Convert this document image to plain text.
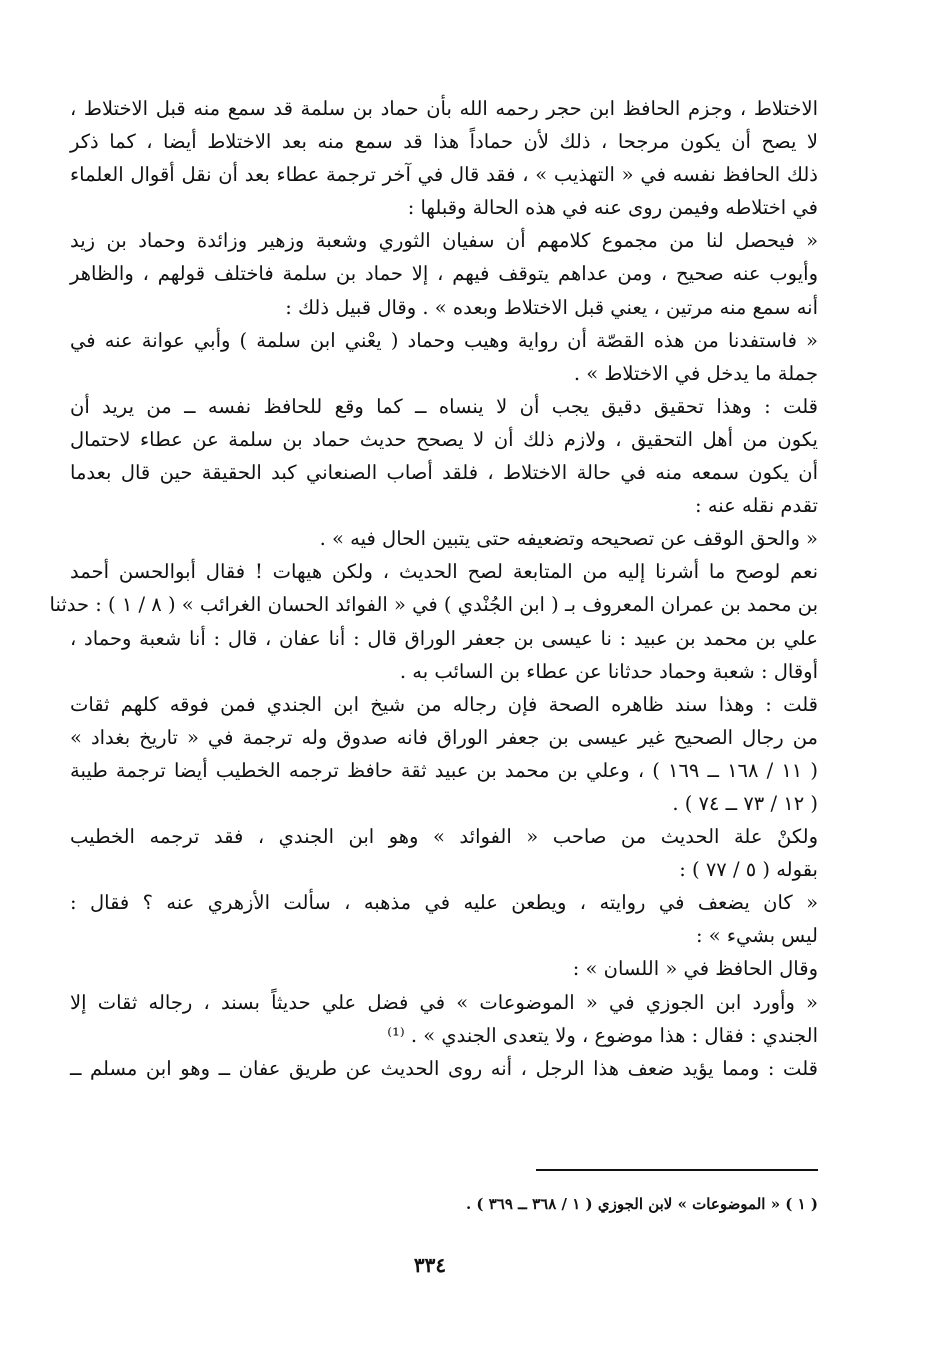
الاختلاط ، وجزم الحافظ ابن حجر رحمه الله بأن حماد بن سلمة قد سمع منه قبل الاختلاط ،
لا يصح أن يكون مرجحا ، ذلك لأن حماداً هذا قد سمع منه بعد الاختلاط أيضا ، كما ذكر
ذلك الحافظ نفسه في « التهذيب » ، فقد قال في آخر ترجمة عطاء بعد أن نقل أقوال العلماء
في اختلاطه وفيمن روى عنه في هذه الحالة وقبلها :
« فيحصل لنا من مجموع كلامهم أن سفيان الثوري وشعبة وزهير وزائدة وحماد بن زيد
وأيوب عنه صحيح ، ومن عداهم يتوقف فيهم ، إلا حماد بن سلمة فاختلف قولهم ، والظاهر
أنه سمع منه مرتين ، يعني قبل الاختلاط وبعده » . وقال قبيل ذلك :
« فاستفدنا من هذه القصّة أن رواية وهيب وحماد ( يعْني ابن سلمة ) وأبي عوانة عنه في
جملة ما يدخل في الاختلاط » .
قلت : وهذا تحقيق دقيق يجب أن لا ينساه ــ كما وقع للحافظ نفسه ــ من يريد أن
يكون من أهل التحقيق ، ولازم ذلك أن لا يصحح حديث حماد بن سلمة عن عطاء لاحتمال
أن يكون سمعه منه في حالة الاختلاط ، فلقد أصاب الصنعاني كبد الحقيقة حين قال بعدما
تقدم نقله عنه :
« والحق الوقف عن تصحيحه وتضعيفه حتى يتبين الحال فيه » .
نعم لوصح ما أشرنا إليه من المتابعة لصح الحديث ، ولكن هيهات ! فقال أبوالحسن أحمد
بن محمد بن عمران المعروف بـ ( ابن الجُنْدي ) في « الفوائد الحسان الغرائب » ( ٨ / ١ ) : حدثنا
علي بن محمد بن عبيد : نا عيسى بن جعفر الوراق قال : أنا عفان ، قال : أنا شعبة وحماد ،
أوقال : شعبة وحماد حدثانا عن عطاء بن السائب به .
قلت : وهذا سند ظاهره الصحة فإن رجاله من شيخ ابن الجندي فمن فوقه كلهم ثقات
من رجال الصحيح غير عيسى بن جعفر الوراق فانه صدوق وله ترجمة في « تاريخ بغداد »
( ١١ / ١٦٨ ــ ١٦٩ ) ، وعلي بن محمد بن عبيد ثقة حافظ ترجمه الخطيب أيضا ترجمة طيبة
( ١٢ / ٧٣ ــ ٧٤ ) .
ولكنْ علة الحديث من صاحب « الفوائد » وهو ابن الجندي ، فقد ترجمه الخطيب
بقوله ( ٥ / ٧٧ ) :
« كان يضعف في روايته ، ويطعن عليه في مذهبه ، سألت الأزهري عنه ؟ فقال :
ليس بشيء » :
وقال الحافظ في « اللسان » :
« وأورد ابن الجوزي في « الموضوعات » في فضل علي حديثاً بسند ، رجاله ثقات إلا
الجندي : فقال : هذا موضوع ، ولا يتعدى الجندي » . ⁽¹⁾
قلت : ومما يؤيد ضعف هذا الرجل ، أنه روى الحديث عن طريق عفان ــ وهو ابن مسلم ــ
( ١ ) « الموضوعات » لابن الجوزي ( ١ / ٣٦٨ ــ ٣٦٩ ) .
٣٣٤
